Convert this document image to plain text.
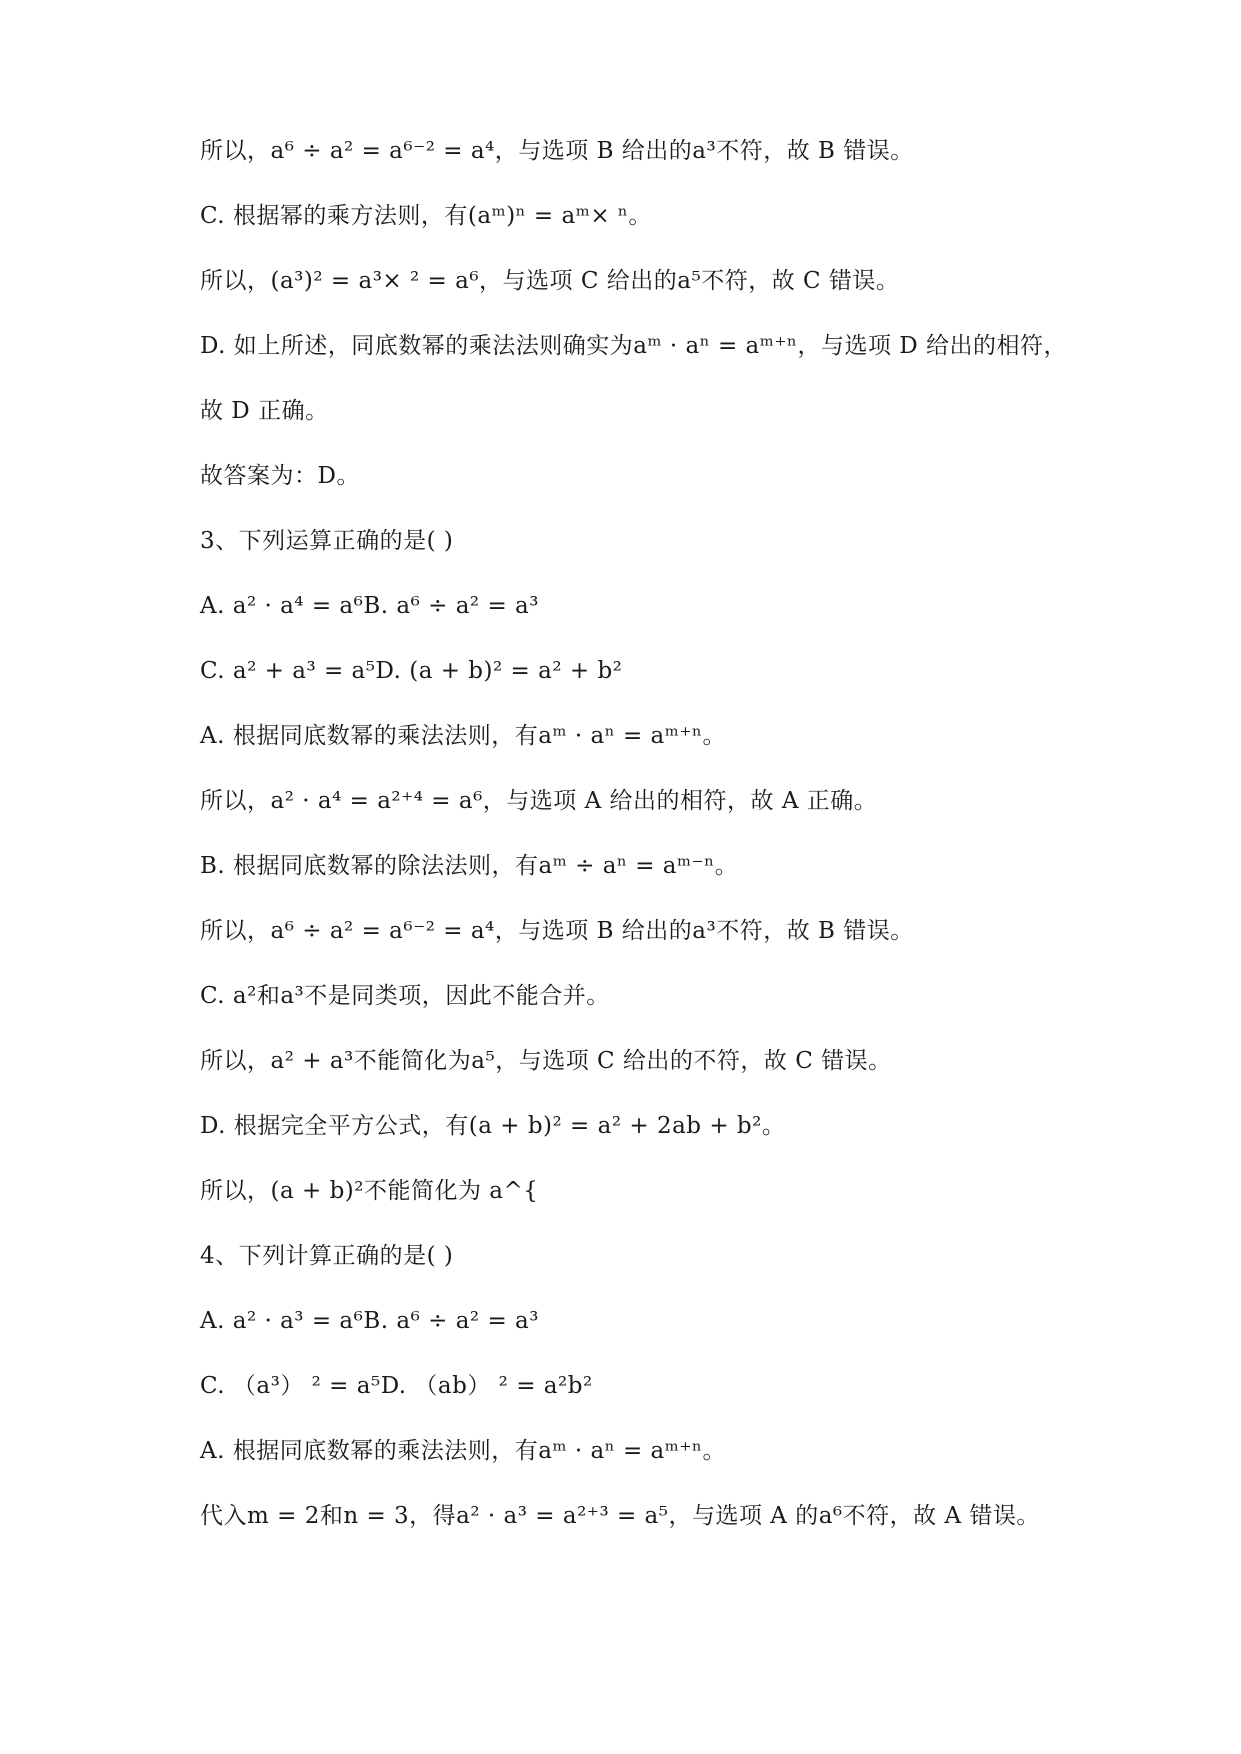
所以，a⁶ ÷ a² = a⁶⁻² = a⁴，与选项 B 给出的a³不符，故 B 错误。
C. 根据幂的乘方法则，有(aᵐ)ⁿ = aᵐ× ⁿ。
所以，(a³)² = a³× ² = a⁶，与选项 C 给出的a⁵不符，故 C 错误。
D. 如上所述，同底数幂的乘法法则确实为aᵐ · aⁿ = aᵐ⁺ⁿ，与选项 D 给出的相符，
故 D 正确。
故答案为：D。
3、下列运算正确的是( )
A. a² · a⁴ = a⁶B. a⁶ ÷ a² = a³
C. a² + a³ = a⁵D. (a + b)² = a² + b²
A. 根据同底数幂的乘法法则，有aᵐ · aⁿ = aᵐ⁺ⁿ。
所以，a² · a⁴ = a²⁺⁴ = a⁶，与选项 A 给出的相符，故 A 正确。
B. 根据同底数幂的除法法则，有aᵐ ÷ aⁿ = aᵐ⁻ⁿ。
所以，a⁶ ÷ a² = a⁶⁻² = a⁴，与选项 B 给出的a³不符，故 B 错误。
C. a²和a³不是同类项，因此不能合并。
所以，a² + a³不能简化为a⁵，与选项 C 给出的不符，故 C 错误。
D. 根据完全平方公式，有(a + b)² = a² + 2ab + b²。
所以，(a + b)²不能简化为 a^{
4、下列计算正确的是( )
A. a² · a³ = a⁶B. a⁶ ÷ a² = a³
C. （a³） ² = a⁵D. （ab） ² = a²b²
A. 根据同底数幂的乘法法则，有aᵐ · aⁿ = aᵐ⁺ⁿ。
代入m = 2和n = 3，得a² · a³ = a²⁺³ = a⁵，与选项 A 的a⁶不符，故 A 错误。
